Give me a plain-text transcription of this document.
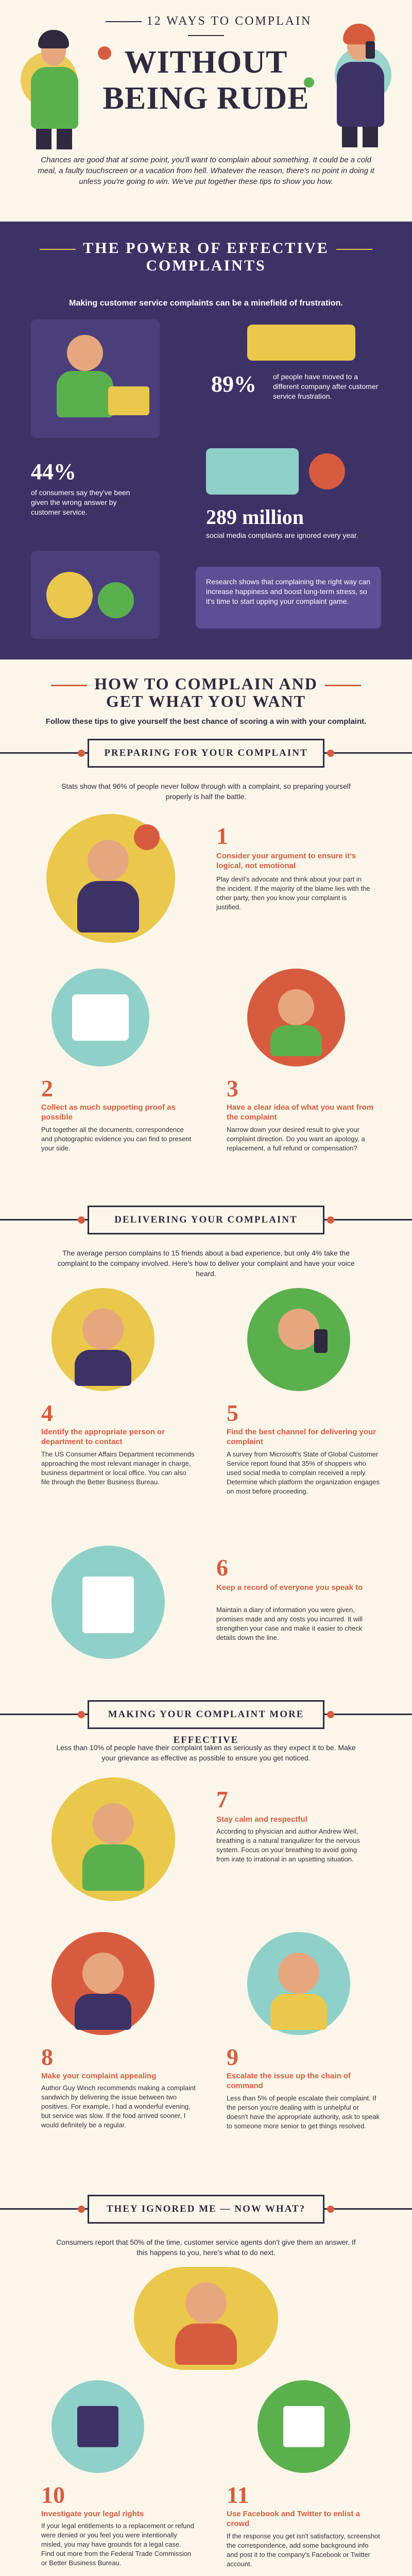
12 WAYS TO COMPLAIN
WITHOUT
BEING RUDE
Chances are good that at some point, you'll want to complain about something. It could be a cold meal, a faulty touchscreen or a vacation from hell. Whatever the reason, there's no point in doing it unless you're going to win. We've put together these tips to show you how.
THE POWER OF EFFECTIVE
COMPLAINTS
Making customer service complaints can be a minefield of frustration.
89% of people have moved to a different company after customer service frustration.
44%
of consumers say they've been given the wrong answer by customer service.	289 million
social media complaints are ignored every year.
Research shows that complaining the right way can increase happiness and boost long-term stress, so it's time to start upping your complaint game.
HOW TO COMPLAIN AND
GET WHAT YOU WANT
Follow these tips to give yourself the best chance of scoring a win with your complaint.
PREPARING FOR YOUR COMPLAINT
Stats show that 96% of people never follow through with a complaint, so preparing yourself properly is half the battle.
1
Consider your argument to ensure it's logical, not emotional
Play devil's advocate and think about your part in the incident. If the majority of the blame lies with the other party, then you know your complaint is justified.
2
Collect as much supporting proof as possible
Put together all the documents, correspondence and photographic evidence you can find to present your side.
3
Have a clear idea of what you want from the complaint
Narrow down your desired result to give your complaint direction. Do you want an apology, a replacement, a full refund or compensation?
DELIVERING YOUR COMPLAINT
The average person complains to 15 friends about a bad experience, but only 4% take the complaint to the company involved. Here's how to deliver your complaint and have your voice heard.
4
Identify the appropriate person or department to contact
The US Consumer Affairs Department recommends approaching the most relevant manager in charge, business department or local office. You can also file through the Better Business Bureau.
5
Find the best channel for delivering your complaint
A survey from Microsoft's State of Global Customer Service report found that 35% of shoppers who used social media to complain received a reply. Determine which platform the organization engages on most before proceeding.
6
Keep a record of everyone you speak to
Maintain a diary of information you were given, promises made and any costs you incurred. It will strengthen your case and make it easier to check details down the line.
MAKING YOUR COMPLAINT MORE EFFECTIVE
Less than 10% of people have their complaint taken as seriously as they expect it to be. Make your grievance as effective as possible to ensure you get noticed.
7
Stay calm and respectful
According to physician and author Andrew Weil, breathing is a natural tranquilizer for the nervous system. Focus on your breathing to avoid going from irate to irrational in an upsetting situation.
8
Make your complaint appealing
Author Guy Winch recommends making a complaint sandwich by delivering the issue between two positives. For example, I had a wonderful evening, but service was slow. If the food arrived sooner, I would definitely be a regular.
9
Escalate the issue up the chain of command
Less than 5% of people escalate their complaint. If the person you're dealing with is unhelpful or doesn't have the appropriate authority, ask to speak to someone more senior to get things resolved.
THEY IGNORED ME — NOW WHAT?
Consumers report that 50% of the time, customer service agents don't give them an answer. If this happens to you, here's what to do next.
10
Investigate your legal rights
If your legal entitlements to a replacement or refund were denied or you feel you were intentionally misled, you may have grounds for a legal case. Find out more from the Federal Trade Commission or Better Business Bureau.
11
Use Facebook and Twitter to enlist a crowd
If the response you get isn't satisfactory, screenshot the correspondence, add some background info and post it to the company's Facebook or Twitter account.
